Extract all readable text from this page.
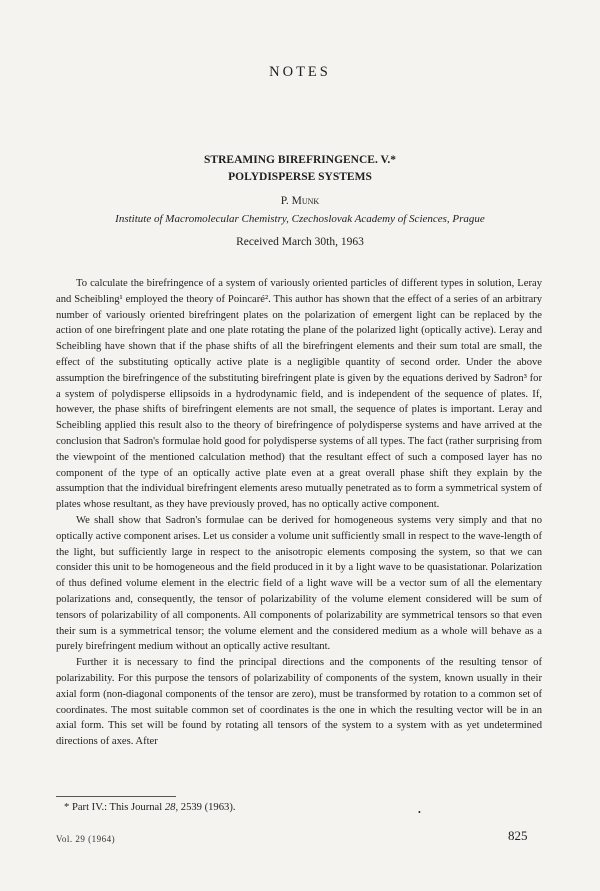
NOTES
STREAMING BIREFRINGENCE. V.*
POLYDISPERSE SYSTEMS
P. Munk
Institute of Macromolecular Chemistry, Czechoslovak Academy of Sciences, Prague
Received March 30th, 1963

To calculate the birefringence of a system of variously oriented particles of different types in solution, Leray and Scheibling¹ employed the theory of Poincaré². This author has shown that the effect of a series of an arbitrary number of variously oriented birefringent plates on the polarization of emergent light can be replaced by the action of one birefringent plate and one plate rotating the plane of the polarized light (optically active). Leray and Scheibling have shown that if the phase shifts of all the birefringent elements and their sum total are small, the effect of the substituting optically active plate is a negligible quantity of second order. Under the above assumption the birefringence of the substituting birefringent plate is given by the equations derived by Sadron³ for a system of polydisperse ellipsoids in a hydrodynamic field, and is independent of the sequence of plates. If, however, the phase shifts of birefringent elements are not small, the sequence of plates is important. Leray and Scheibling applied this result also to the theory of birefringence of polydisperse systems and have arrived at the conclusion that Sadron's formulae hold good for polydisperse systems of all types. The fact (rather surprising from the viewpoint of the mentioned calculation method) that the resultant effect of such a composed layer has no component of the type of an optically active plate even at a great overall phase shift they explain by the assumption that the individual birefringent elements areso mutually penetrated as to form a symmetrical system of plates whose resultant, as they have previously proved, has no optically active component.

We shall show that Sadron's formulae can be derived for homogeneous systems very simply and that no optically active component arises. Let us consider a volume unit sufficiently small in respect to the wave-length of the light, but sufficiently large in respect to the anisotropic elements composing the system, so that we can consider this unit to be homogeneous and the field produced in it by a light wave to be quasistationar. Polarization of thus defined volume element in the electric field of a light wave will be a vector sum of all the elementary polarizations and, consequently, the tensor of polarizability of the volume element considered will be sum of tensors of polarizability of all components. All components of polarizability are symmetrical tensors so that even their sum is a symmetrical tensor; the volume element and the considered medium as a whole will behave as a purely birefringent medium without an optically active resultant.

Further it is necessary to find the principal directions and the components of the resulting tensor of polarizability. For this purpose the tensors of polarizability of components of the system, known usually in their axial form (non-diagonal components of the tensor are zero), must be transformed by rotation to a common set of coordinates. The most suitable common set of coordinates is the one in which the resulting vector will be in an axial form. This set will be found by rotating all tensors of the system to a system with as yet undetermined directions of axes. After

* Part IV.: This Journal 28, 2539 (1963).	•
Vol. 29 (1964)	825
